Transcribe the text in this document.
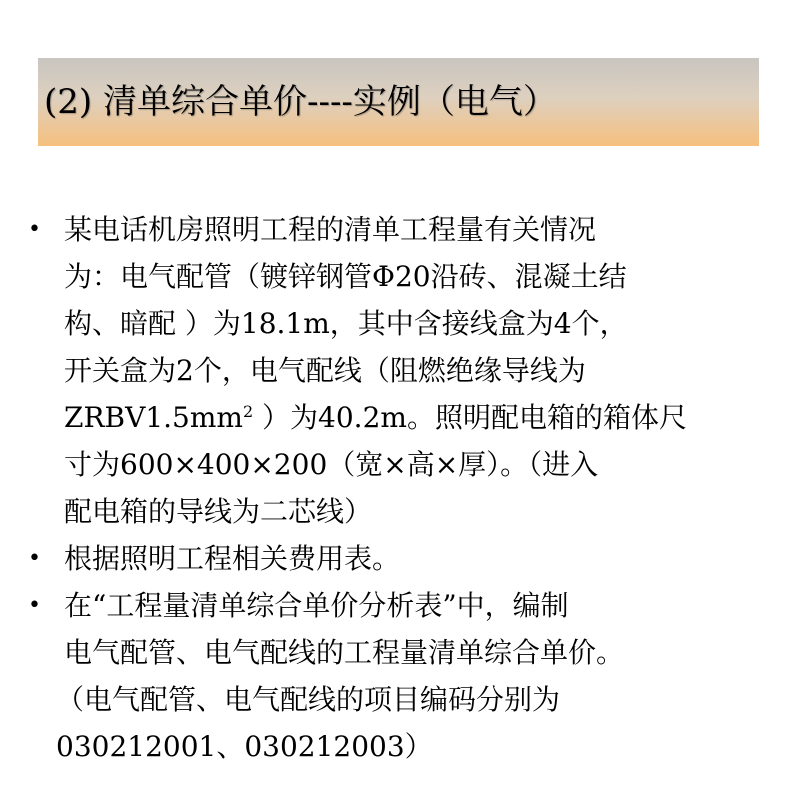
(2) 清单综合单价----实例（电气）
• 某电话机房照明工程的清单工程量有关情况
为：电气配管（镀锌钢管Φ20沿砖、混凝土结
构、暗配 ）为18.1m，其中含接线盒为4个，
开关盒为2个，电气配线（阻燃绝缘导线为
$ZRBV1.5mm^2$ ）为40.2m。照明配电箱的箱体尺
寸为600×400×200（宽×高×厚）。（进入
配电箱的导线为二芯线）
• 根据照明工程相关费用表。
• 在“工程量清单综合单价分析表”中，编制
电气配管、电气配线的工程量清单综合单价。
（电气配管、电气配线的项目编码分别为
030212001、030212003）
